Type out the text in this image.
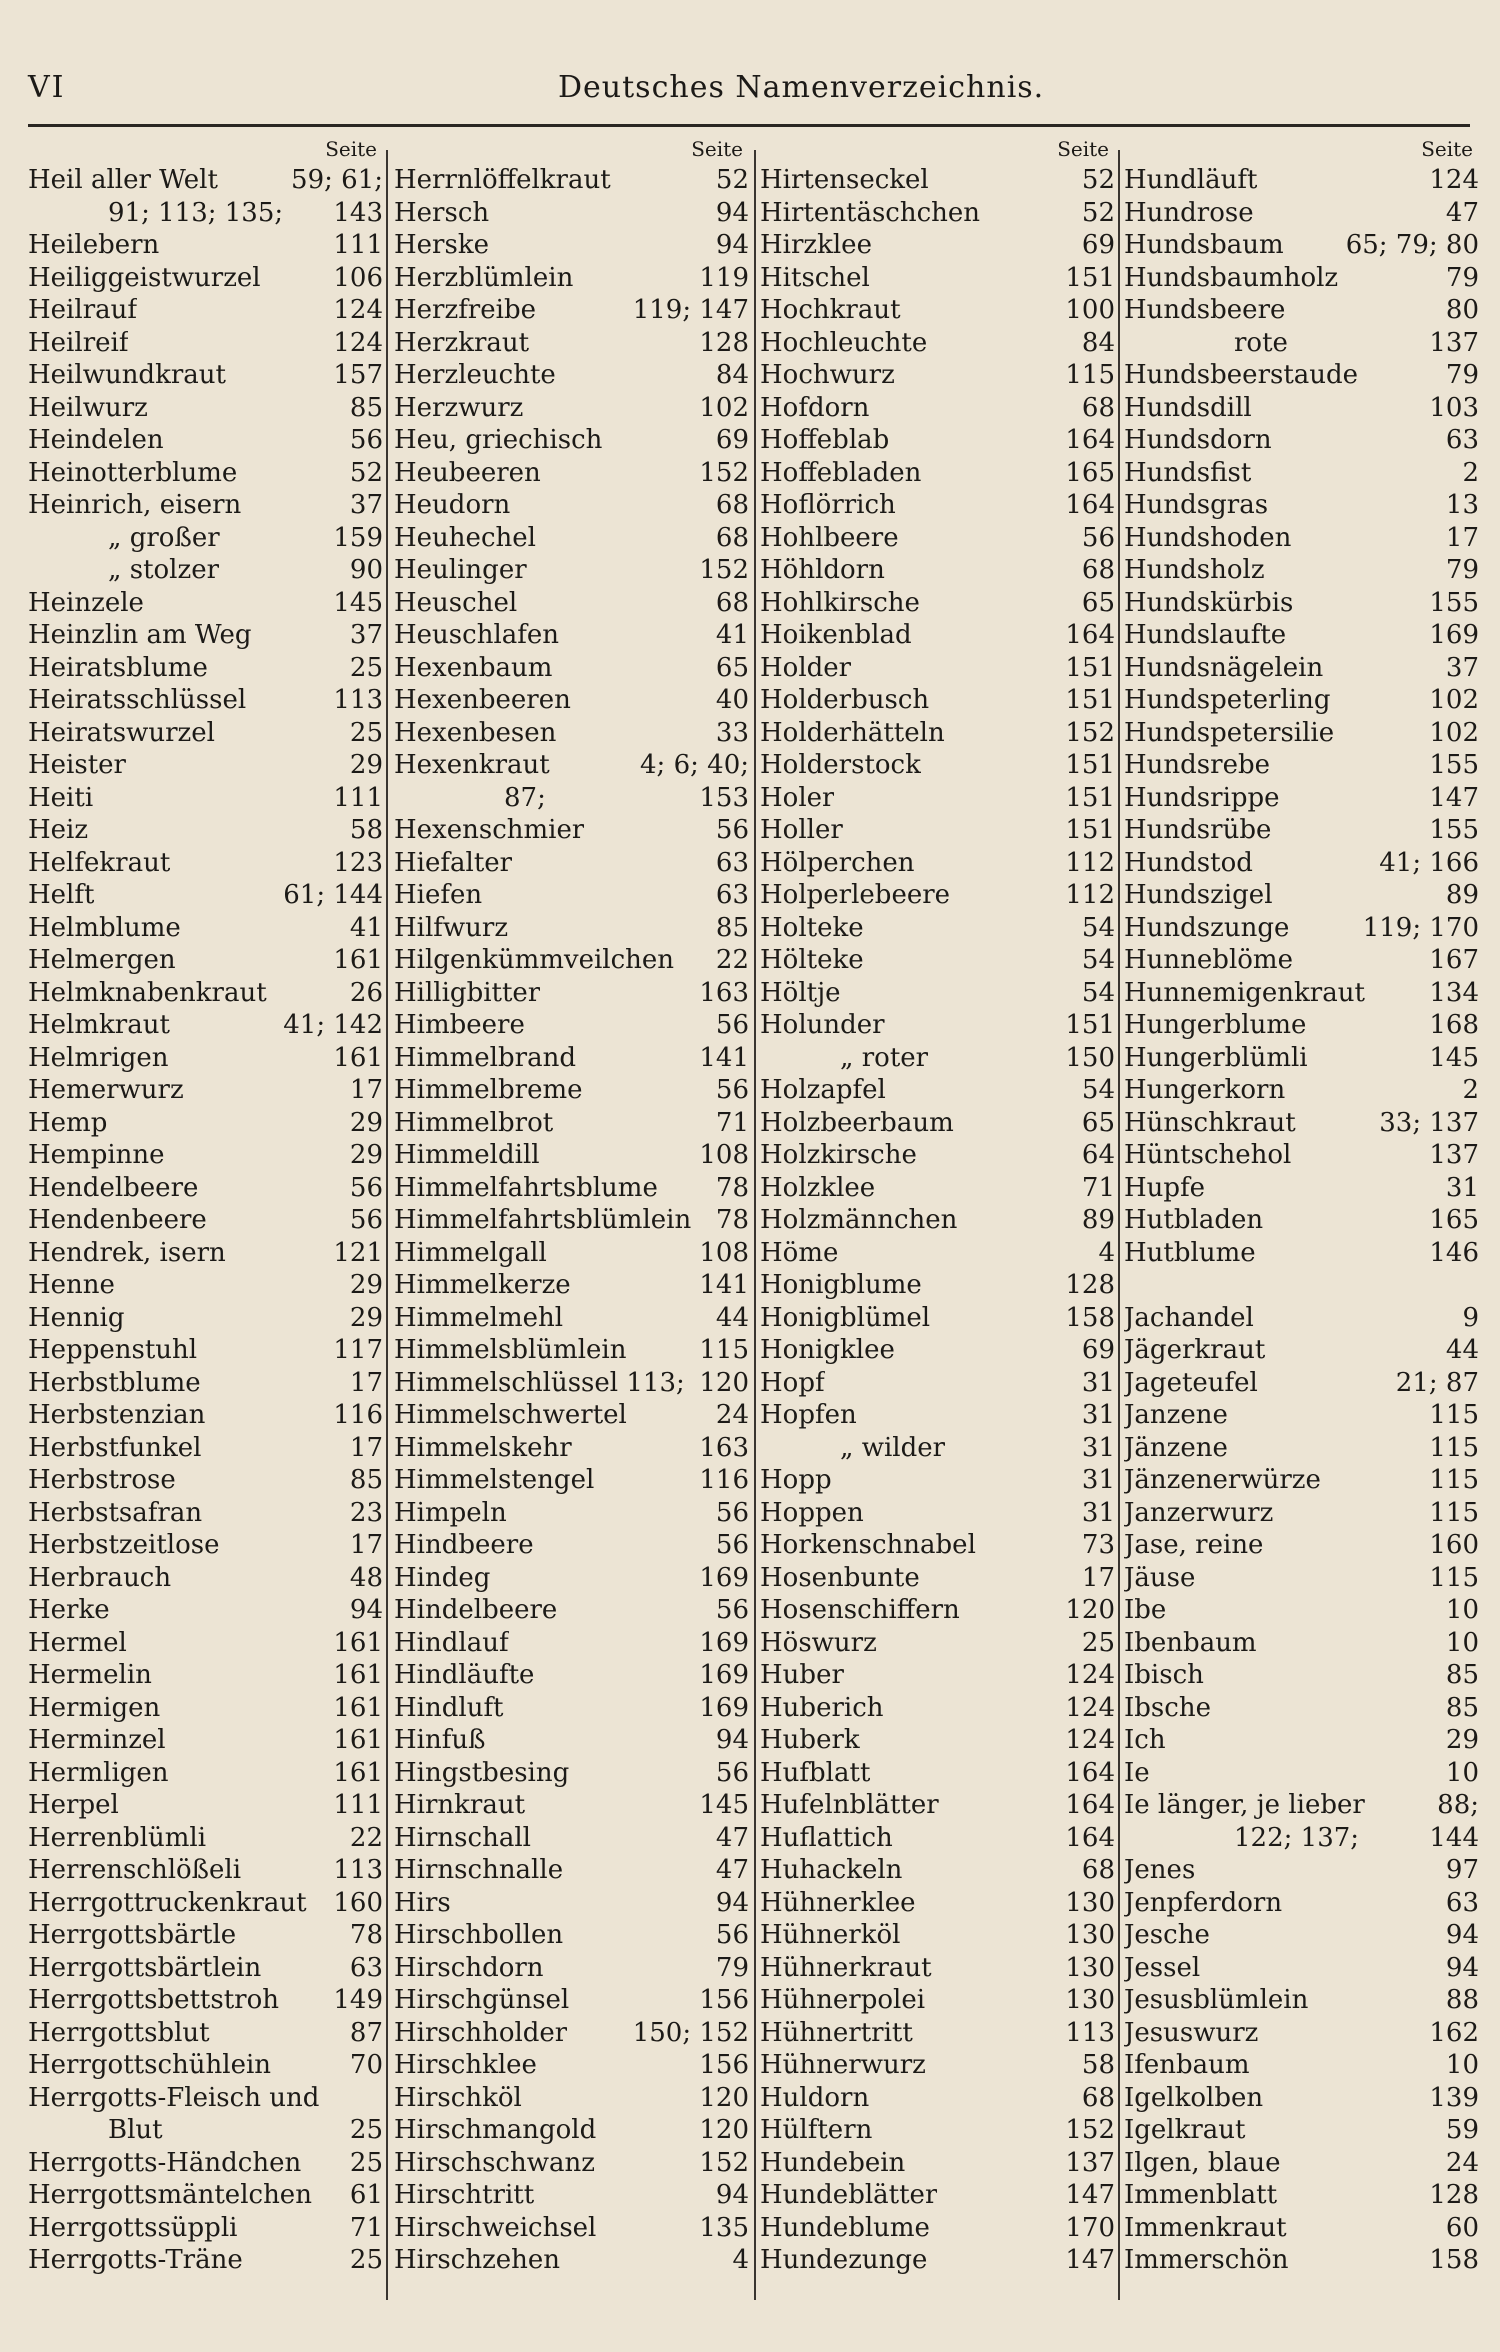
VI	Deutsches Namenverzeichnis.
Seite
Heil aller Welt	59; 61;
91; 113; 135; 143
Heilebern	111
Heiliggeistwurzel	106
Heilrauf	124
Heilreif	124
Heilwundkraut	157
Heilwurz	85
Heindelen	56
Heinotterblume	52
Heinrich, eisern	37
„ großer	159
„ stolzer	90
Heinzele	145
Heinzlin am Weg	37
Heiratsblume	25
Heiratsschlüssel	113
Heiratswurzel	25
Heister	29
Heiti	111
Heiz	58
Helfekraut	123
Helft	61; 144
Helmblume	41
Helmergen	161
Helmknabenkraut	26
Helmkraut	41; 142
Helmrigen	161
Hemerwurz	17
Hemp	29
Hempinne	29
Hendelbeere	56
Hendenbeere	56
Hendrek, isern	121
Henne	29
Hennig	29
Heppenstuhl	117
Herbstblume	17
Herbstenzian	116
Herbstfunkel	17
Herbstrose	85
Herbstsafran	23
Herbstzeitlose	17
Herbrauch	48
Herke	94
Hermel	161
Hermelin	161
Hermigen	161
Herminzel	161
Hermligen	161
Herpel	111
Herrenblümli	22
Herrenschlößeli	113
Herrgottruckenkraut 160
Herrgottsbärtle	78
Herrgottsbärtlein	63
Herrgottsbettstroh 149
Herrgottsblut	87
Herrgottschühlein	70
Herrgotts-Fleisch und
Blut	25
Herrgotts-Händchen 25
Herrgottsmäntelchen 61
Herrgottssüppli	71
Herrgotts-Träne	25
Seite
Herrnlöffelkraut	52
Hersch	94
Herske	94
Herzblümlein	119
Herzfreibe	119; 147
Herzkraut	128
Herzleuchte	84
Herzwurz	102
Heu, griechisch	69
Heubeeren	152
Heudorn	68
Heuhechel	68
Heulinger	152
Heuschel	68
Heuschlafen	41
Hexenbaum	65
Hexenbeeren	40
Hexenbesen	33
Hexenkraut	4; 6; 40;
87;	153
Hexenschmier	56
Hiefalter	63
Hiefen	63
Hilfwurz	85
Hilgenkümmveilchen 22
Hilligbitter	163
Himbeere	56
Himmelbrand	141
Himmelbreme	56
Himmelbrot	71
Himmeldill	108
Himmelfahrtsblume 78
Himmelfahrtsblümlein 78
Himmelgall	108
Himmelkerze	141
Himmelmehl	44
Himmelsblümlein	115
Himmelschlüssel 113; 120
Himmelschwertel	24
Himmelskehr	163
Himmelstengel	116
Himpeln	56
Hindbeere	56
Hindeg	169
Hindelbeere	56
Hindlauf	169
Hindläufte	169
Hindluft	169
Hinfuß	94
Hingstbesing	56
Hirnkraut	145
Hirnschall	47
Hirnschnalle	47
Hirs	94
Hirschbollen	56
Hirschdorn	79
Hirschgünsel	156
Hirschholder	150; 152
Hirschklee	156
Hirschköl	120
Hirschmangold	120
Hirschschwanz	152
Hirschtritt	94
Hirschweichsel	135
Hirschzehen	4
Seite
Hirtenseckel	52
Hirtentäschchen	52
Hirzklee	69
Hitschel	151
Hochkraut	100
Hochleuchte	84
Hochwurz	115
Hofdorn	68
Hoffeblab	164
Hoffebladen	165
Hoflörrich	164
Hohlbeere	56
Höhldorn	68
Hohlkirsche	65
Hoikenblad	164
Holder	151
Holderbusch	151
Holderhätteln	152
Holderstock	151
Holer	151
Holler	151
Hölperchen	112
Holperlebeere	112
Holteke	54
Hölteke	54
Höltje	54
Holunder	151
„ roter	150
Holzapfel	54
Holzbeerbaum	65
Holzkirsche	64
Holzklee	71
Holzmännchen	89
Höme	4
Honigblume	128
Honigblümel	158
Honigklee	69
Hopf	31
Hopfen	31
„ wilder	31
Hopp	31
Hoppen	31
Horkenschnabel	73
Hosenbunte	17
Hosenschiffern	120
Höswurz	25
Huber	124
Huberich	124
Huberk	124
Hufblatt	164
Hufelnblätter	164
Huflattich	164
Huhackeln	68
Hühnerklee	130
Hühnerköl	130
Hühnerkraut	130
Hühnerpolei	130
Hühnertritt	113
Hühnerwurz	58
Huldorn	68
Hülftern	152
Hundebein	137
Hundeblätter	147
Hundeblume	170
Hundezunge	147
Seite
Hundläuft	124
Hundrose	47
Hundsbaum 65; 79; 80
Hundsbaumholz	79
Hundsbeere	80
rote	137
Hundsbeerstaude	79
Hundsdill	103
Hundsdorn	63
Hundsfist	2
Hundsgras	13
Hundshoden	17
Hundsholz	79
Hundskürbis	155
Hundslaufte	169
Hundsnägelein	37
Hundspeterling	102
Hundspetersilie	102
Hundsrebe	155
Hundsrippe	147
Hundsrübe	155
Hundstod	41; 166
Hundszigel	89
Hundszunge	119; 170
Hunneblöme	167
Hunnemigenkraut 134
Hungerblume	168
Hungerblümli	145
Hungerkorn	2
Hünschkraut	33; 137
Hüntschehol	137
Hupfe	31
Hutbladen	165
Hutblume	146
Jachandel	9
Jägerkraut	44
Jageteufel	21; 87
Janzene	115
Jänzene	115
Jänzenerwürze	115
Janzerwurz	115
Jase, reine	160
Jäuse	115
Ibe	10
Ibenbaum	10
Ibisch	85
Ibsche	85
Ich	29
Ie	10
Ie länger, je lieber	88;
122; 137;	144
Jenes	97
Jenpferdorn	63
Jesche	94
Jessel	94
Jesusblümlein	88
Jesuswurz	162
Ifenbaum	10
Igelkolben	139
Igelkraut	59
Ilgen, blaue	24
Immenblatt	128
Immenkraut	60
Immerschön	158
